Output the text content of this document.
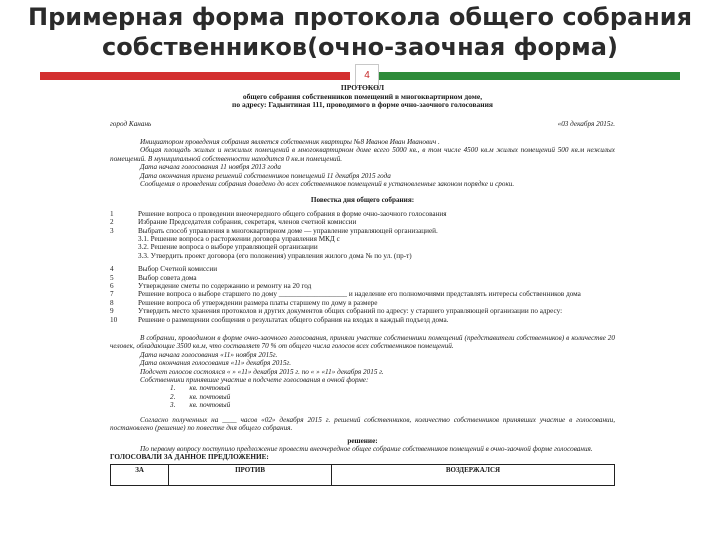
Примерная форма протокола общего собрания
собственников(очно-заочная форма)
4
ПРОТОКОЛ
общего собрания собственников помещений в многоквартирном доме,
по адресу: Гадынтиная 111, проводимого в форме очно-заочного голосования
город Канань	«03 декабря 2015г.

Инициатором проведения собрания является собственник квартиры №8 Иванов Иван Иванович .

Общая площадь жилых и нежилых помещений в многоквартирном доме всего 5000 кв., в том числе 4500 кв.м жилых помещений 500 кв.м нежилых помещений. В муниципальной собственности находится 0 кв.м помещений.

Дата начала голосования 11 ноября 2013 года

Дата окончания приема решений собственников помещений 11 декабря 2015 года

Сообщения о проведении собрания доведено до всех собственников помещений в установленные законом порядке и сроки.

Повестка дня общего собрания:
1	Решение вопроса о проведении внеочередного общего собрания в форме очно-заочного голосования
2	Избрание Председателя собрания, секретаря, членов счетной комиссии
3	Выбрать способ управления в многоквартирном доме — управление управляющей организацией.
3.1. Решение вопроса о расторжении договора управления МКД с
3.2. Решение вопроса о выборе управляющей организации
3.3. Утвердить проект договора (его положения) управления жилого дома № по ул. (пр-т)
4	Выбор Счетной комиссии
5	Выбор совета дома
6	Утверждение сметы по содержанию и ремонту на 20 год
7	Решение вопроса о выборе старшего по дому ___________________ и наделение его полномочиями представлять интересы собственников дома
8	Решение вопроса об утверждении размера платы старшему по дому в размере
9	Утвердить место хранения протоколов и других документов общих собраний по адресу: у старшего управляющей организации по адресу:
10	Решение о размещении сообщения о результатах общего собрания на входах в каждый подъезд дома.

В собрании, проводимом в форме очно-заочного голосования, приняли участие собственники помещений (представители собственников) в количестве 20 человек, обладающие 3500 кв.м, что составляет 70 % от общего числа голосов всех собственников помещений.

Дата начала голосования «11» ноября 2015г.

Дата окончания голосования «11» декабря 2015г.

Подсчет голосов состоялся « » «11» декабря 2015 г. по « » «11» декабря 2015 г.

Собственники принявшие участие в подсчете голосования в очной форме:

1. кв. почтовый
2. кв. почтовый
3. кв. почтовый

Согласно полученных на ____ часов «02» декабря 2015 г. решений собственников, количество собственников принявших участие в голосовании, постановлено (решение) по повестке дня общего собрания.

решение:

По первому вопросу поступило предложение провести внеочередное общее собрание собственников помещений в очно-заочной форме голосования.

ГОЛОСОВАЛИ ЗА ДАННОЕ ПРЕДЛОЖЕНИЕ:
ЗА	ПРОТИВ	ВОЗДЕРЖАЛСЯ
